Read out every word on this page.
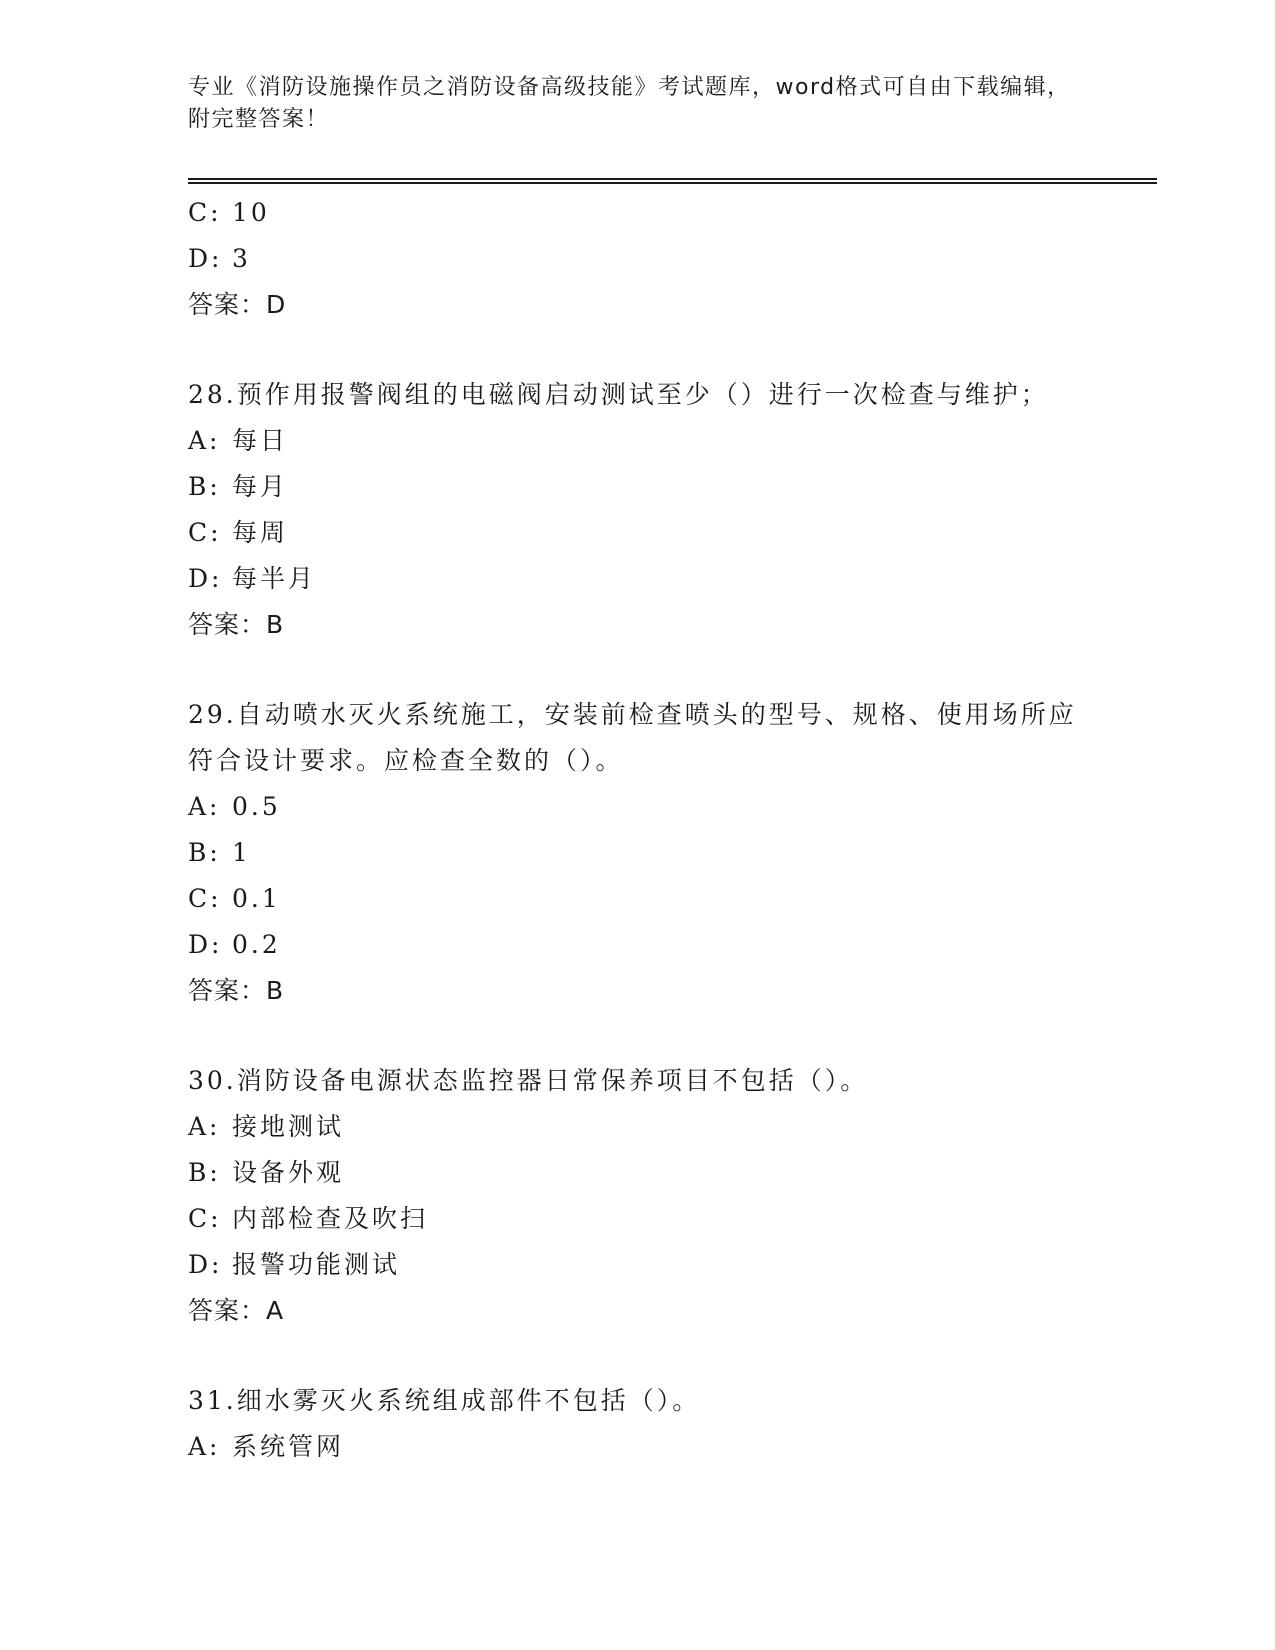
专业《消防设施操作员之消防设备高级技能》考试题库，word格式可自由下载编辑，附完整答案！
C: 10
D: 3
答案：D
28.预作用报警阀组的电磁阀启动测试至少（）进行一次检查与维护；
A: 每日
B: 每月
C: 每周
D: 每半月
答案：B
29.自动喷水灭火系统施工，安装前检查喷头的型号、规格、使用场所应符合设计要求。应检查全数的（）。
A: 0.5
B: 1
C: 0.1
D: 0.2
答案：B
30.消防设备电源状态监控器日常保养项目不包括（）。
A: 接地测试
B: 设备外观
C: 内部检查及吹扫
D: 报警功能测试
答案：A
31.细水雾灭火系统组成部件不包括（）。
A: 系统管网
